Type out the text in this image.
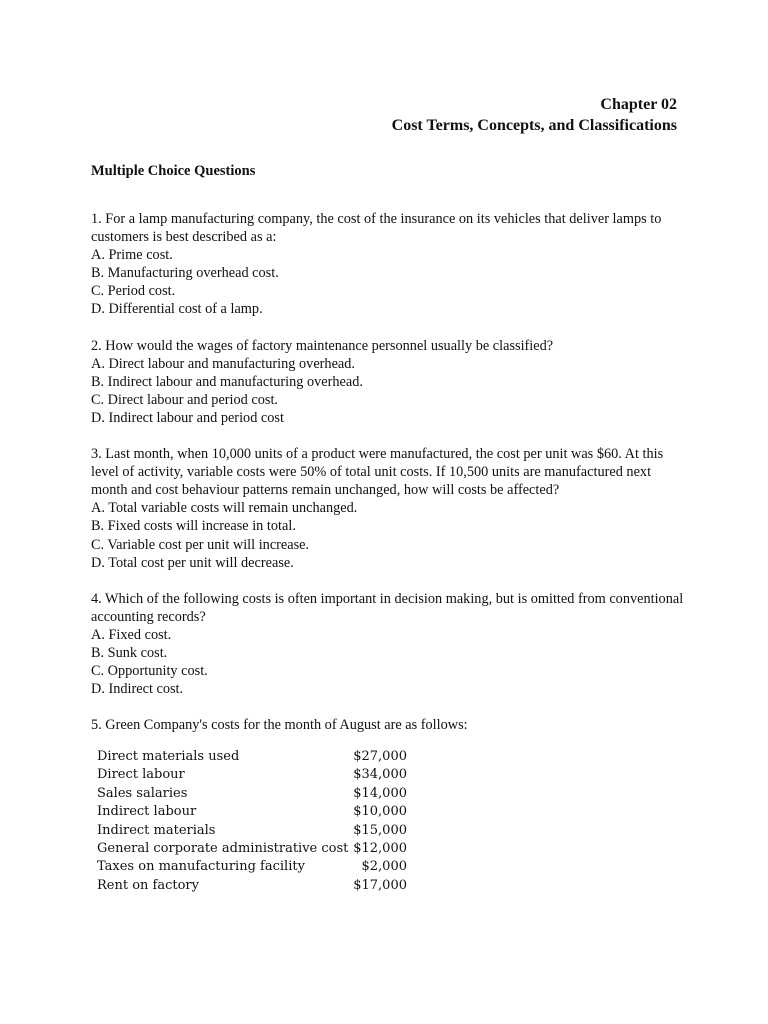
Chapter 02
Cost Terms, Concepts, and Classifications
Multiple Choice Questions
1. For a lamp manufacturing company, the cost of the insurance on its vehicles that deliver lamps to customers is best described as a:
A. Prime cost.
B. Manufacturing overhead cost.
C. Period cost.
D. Differential cost of a lamp.
2. How would the wages of factory maintenance personnel usually be classified?
A. Direct labour and manufacturing overhead.
B. Indirect labour and manufacturing overhead.
C. Direct labour and period cost.
D. Indirect labour and period cost
3. Last month, when 10,000 units of a product were manufactured, the cost per unit was $60. At this level of activity, variable costs were 50% of total unit costs. If 10,500 units are manufactured next month and cost behaviour patterns remain unchanged, how will costs be affected?
A. Total variable costs will remain unchanged.
B. Fixed costs will increase in total.
C. Variable cost per unit will increase.
D. Total cost per unit will decrease.
4. Which of the following costs is often important in decision making, but is omitted from conventional accounting records?
A. Fixed cost.
B. Sunk cost.
C. Opportunity cost.
D. Indirect cost.
5. Green Company's costs for the month of August are as follows:
Direct materials used	$27,000
Direct labour	$34,000
Sales salaries	$14,000
Indirect labour	$10,000
Indirect materials	$15,000
General corporate administrative cost	$12,000
Taxes on manufacturing facility	$2,000
Rent on factory	$17,000
